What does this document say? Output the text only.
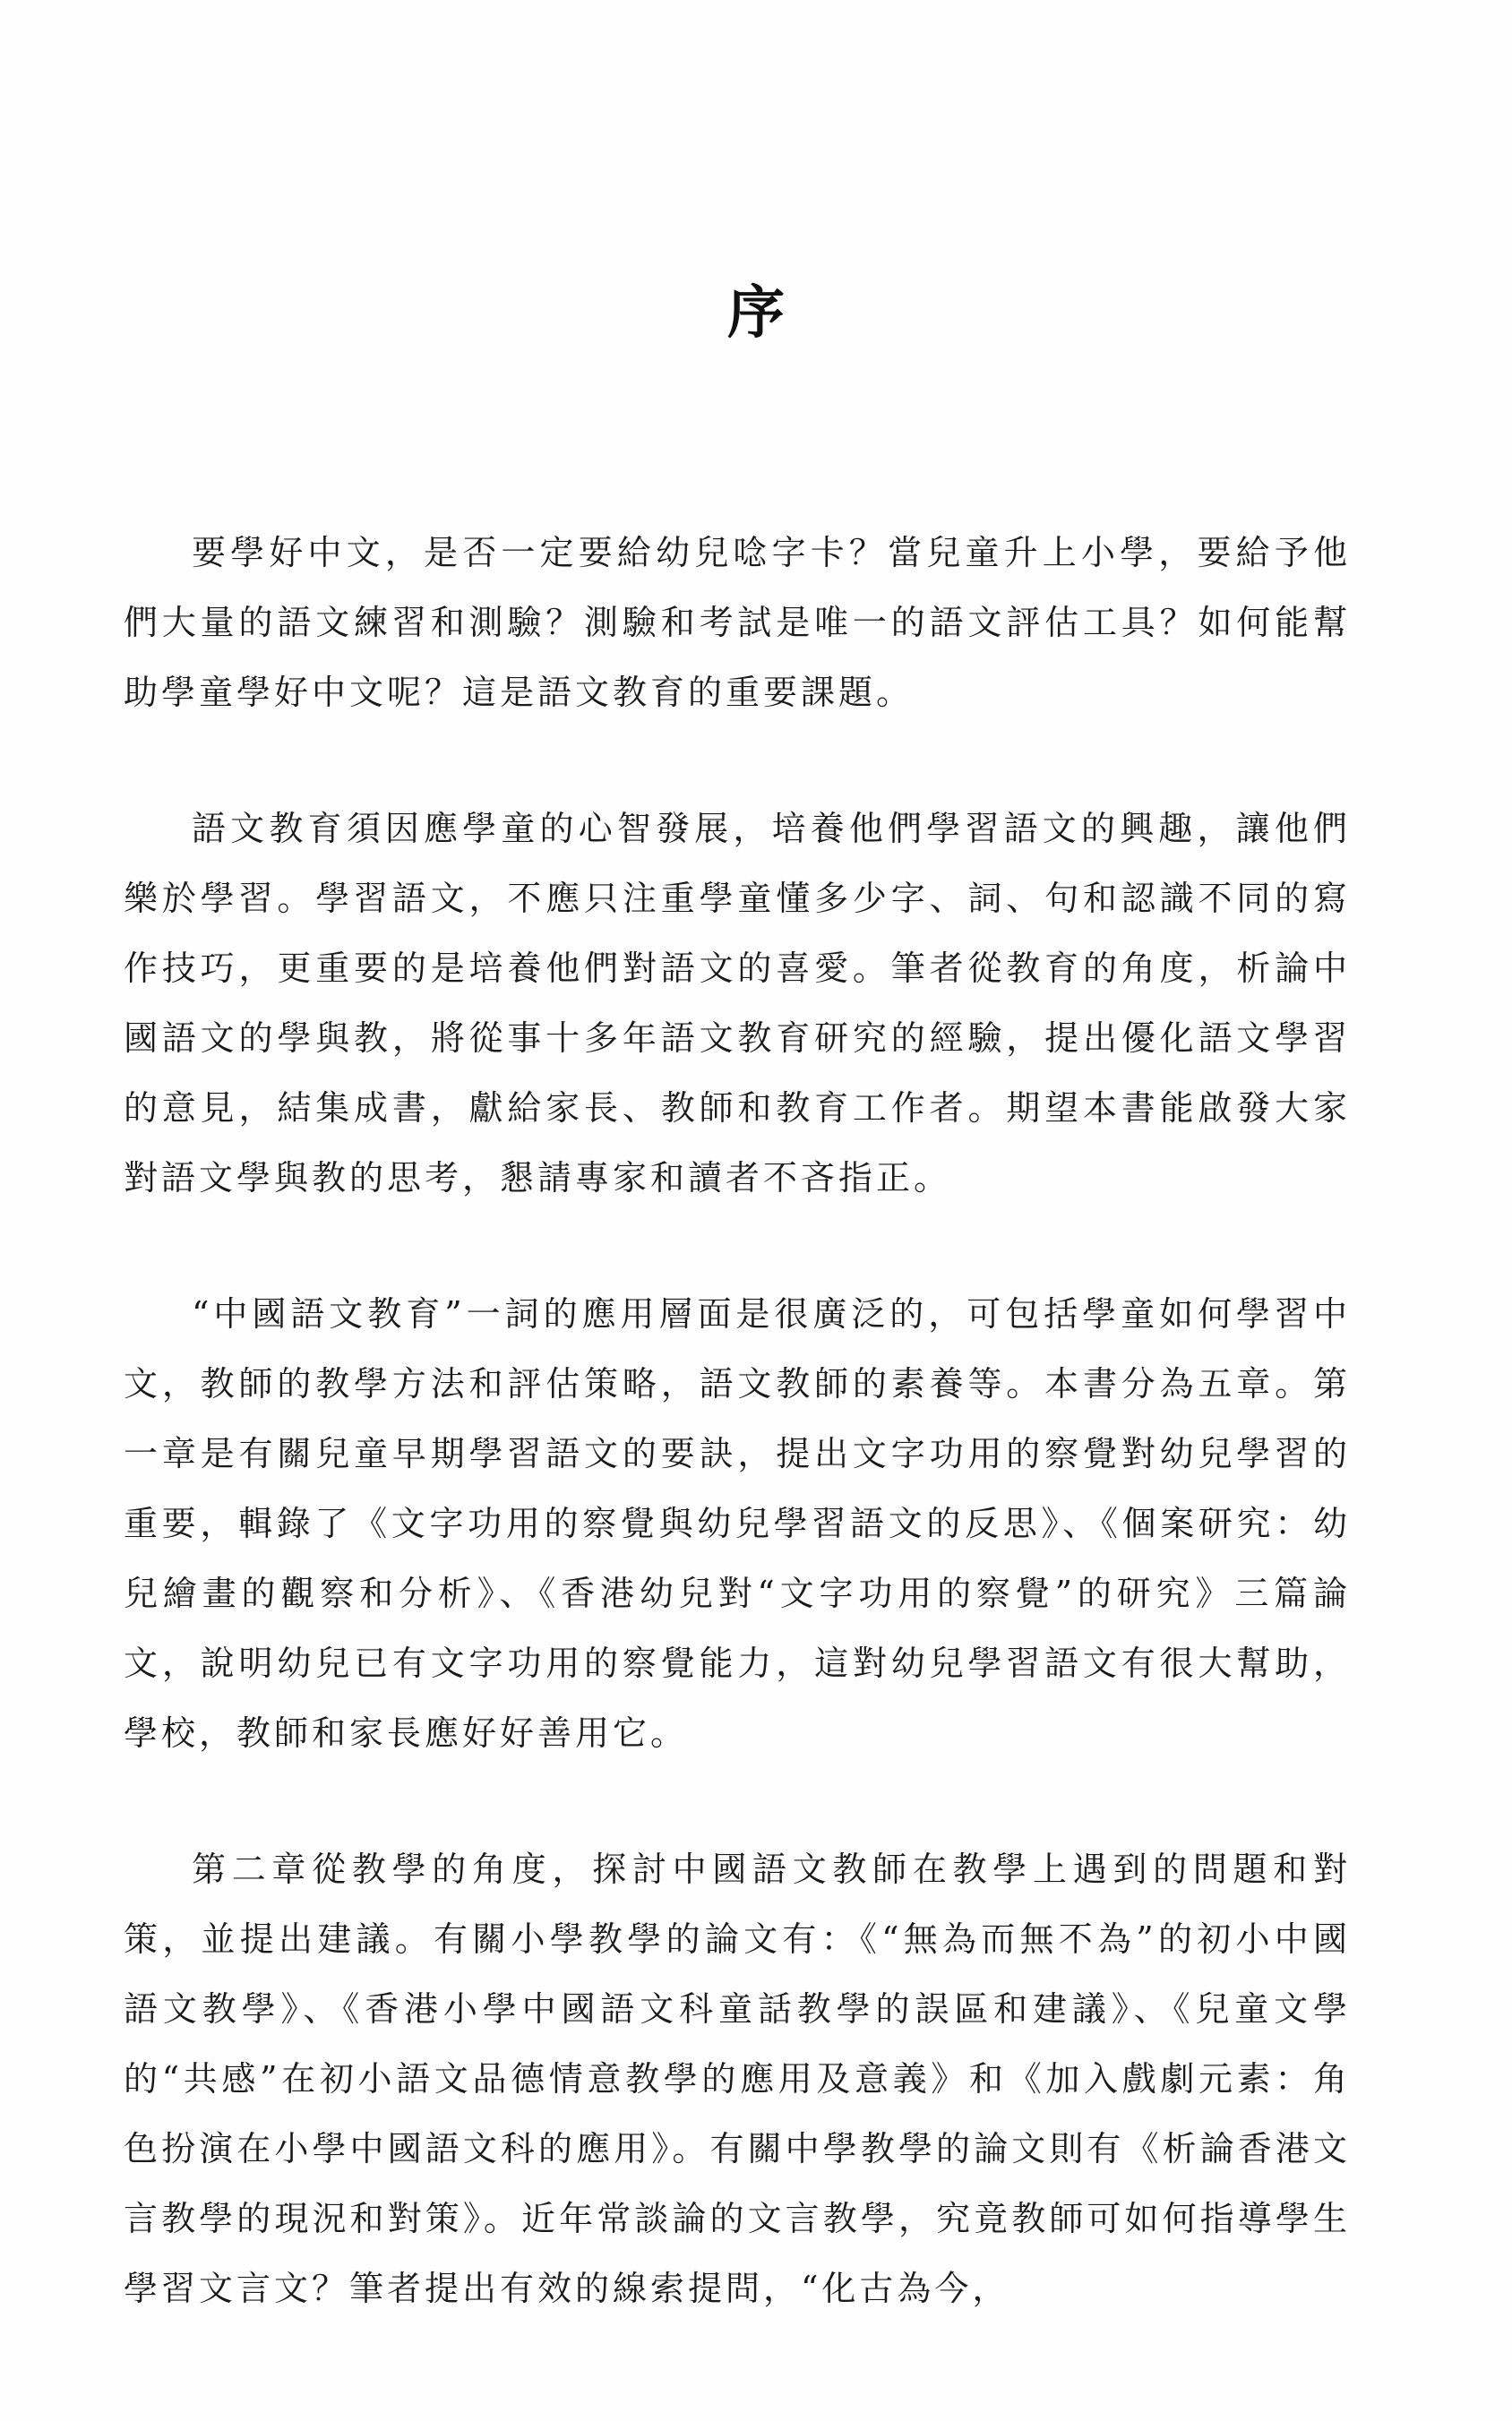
序

要學好中文，是否一定要給幼兒唸字卡？當兒童升上小學，要給予他們大量的語文練習和測驗？測驗和考試是唯一的語文評估工具？如何能幫助學童學好中文呢？這是語文教育的重要課題。

語文教育須因應學童的心智發展，培養他們學習語文的興趣，讓他們樂於學習。學習語文，不應只注重學童懂多少字、詞、句和認識不同的寫作技巧，更重要的是培養他們對語文的喜愛。筆者從教育的角度，析論中國語文的學與教，將從事十多年語文教育研究的經驗，提出優化語文學習的意見，結集成書，獻給家長、教師和教育工作者。期望本書能啟發大家對語文學與教的思考，懇請專家和讀者不吝指正。

“中國語文教育”一詞的應用層面是很廣泛的，可包括學童如何學習中文，教師的教學方法和評估策略，語文教師的素養等。本書分為五章。第一章是有關兒童早期學習語文的要訣，提出文字功用的察覺對幼兒學習的重要，輯錄了《文字功用的察覺與幼兒學習語文的反思》、《個案研究：幼兒繪畫的觀察和分析》、《香港幼兒對“文字功用的察覺”的研究》三篇論文，說明幼兒已有文字功用的察覺能力，這對幼兒學習語文有很大幫助，學校，教師和家長應好好善用它。

第二章從教學的角度，探討中國語文教師在教學上遇到的問題和對策，並提出建議。有關小學教學的論文有：《“無為而無不為”的初小中國語文教學》、《香港小學中國語文科童話教學的誤區和建議》、《兒童文學的“共感”在初小語文品德情意教學的應用及意義》和《加入戲劇元素：角色扮演在小學中國語文科的應用》。有關中學教學的論文則有《析論香港文言教學的現況和對策》。近年常談論的文言教學，究竟教師可如何指導學生學習文言文？筆者提出有效的線索提問，“化古為今，
